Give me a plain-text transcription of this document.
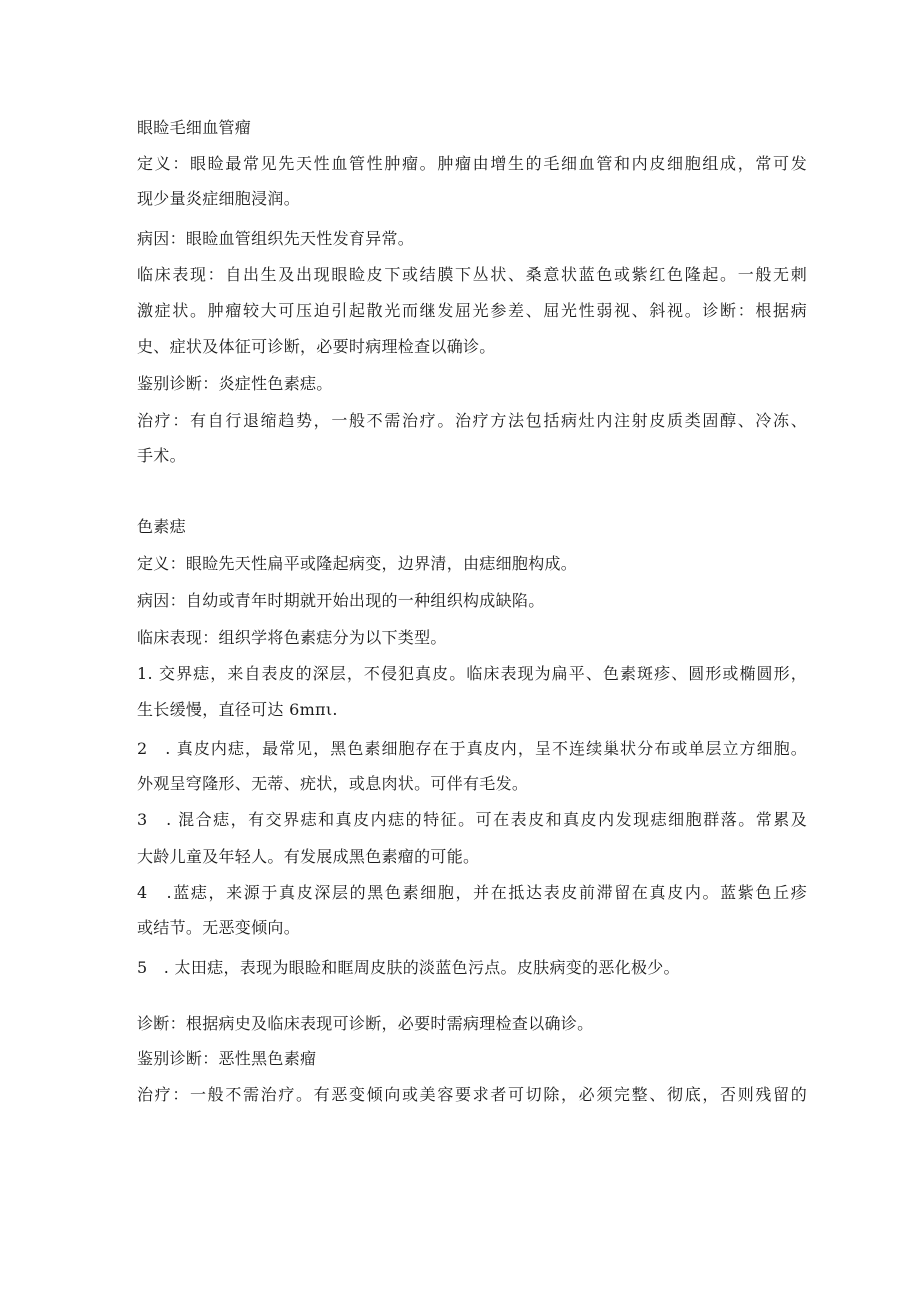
眼睑毛细血管瘤
定义：眼睑最常见先天性血管性肿瘤。肿瘤由增生的毛细血管和内皮细胞组成，常可发
现少量炎症细胞浸润。
病因：眼睑血管组织先天性发育异常。
临床表现：自出生及出现眼睑皮下或结膜下丛状、桑意状蓝色或紫红色隆起。一般无刺
激症状。肿瘤较大可压迫引起散光而继发屈光参差、屈光性弱视、斜视。诊断：根据病
史、症状及体征可诊断，必要时病理检查以确诊。
鉴别诊断：炎症性色素痣。
治疗：有自行退缩趋势，一般不需治疗。治疗方法包括病灶内注射皮质类固醇、冷冻、
手术。
色素痣
定义：眼睑先天性扁平或隆起病变，边界清，由痣细胞构成。
病因：自幼或青年时期就开始出现的一种组织构成缺陷。
临床表现：组织学将色素痣分为以下类型。
1. 交界痣，来自表皮的深层，不侵犯真皮。临床表现为扁平、色素斑疹、圆形或椭圆形，
生长缓慢，直径可达 6mπι.
2　. 真皮内痣，最常见，黑色素细胞存在于真皮内，呈不连续巢状分布或单层立方细胞。
外观呈穹隆形、无蒂、疣状，或息肉状。可伴有毛发。
3　. 混合痣，有交界痣和真皮内痣的特征。可在表皮和真皮内发现痣细胞群落。常累及
大龄儿童及年轻人。有发展成黑色素瘤的可能。
4　.蓝痣，来源于真皮深层的黑色素细胞，并在抵达表皮前滞留在真皮内。蓝紫色丘疹
或结节。无恶变倾向。
5　. 太田痣，表现为眼睑和眶周皮肤的淡蓝色污点。皮肤病变的恶化极少。
诊断：根据病史及临床表现可诊断，必要时需病理检查以确诊。
鉴别诊断：恶性黑色素瘤
治疗：一般不需治疗。有恶变倾向或美容要求者可切除，必须完整、彻底，否则残留的
